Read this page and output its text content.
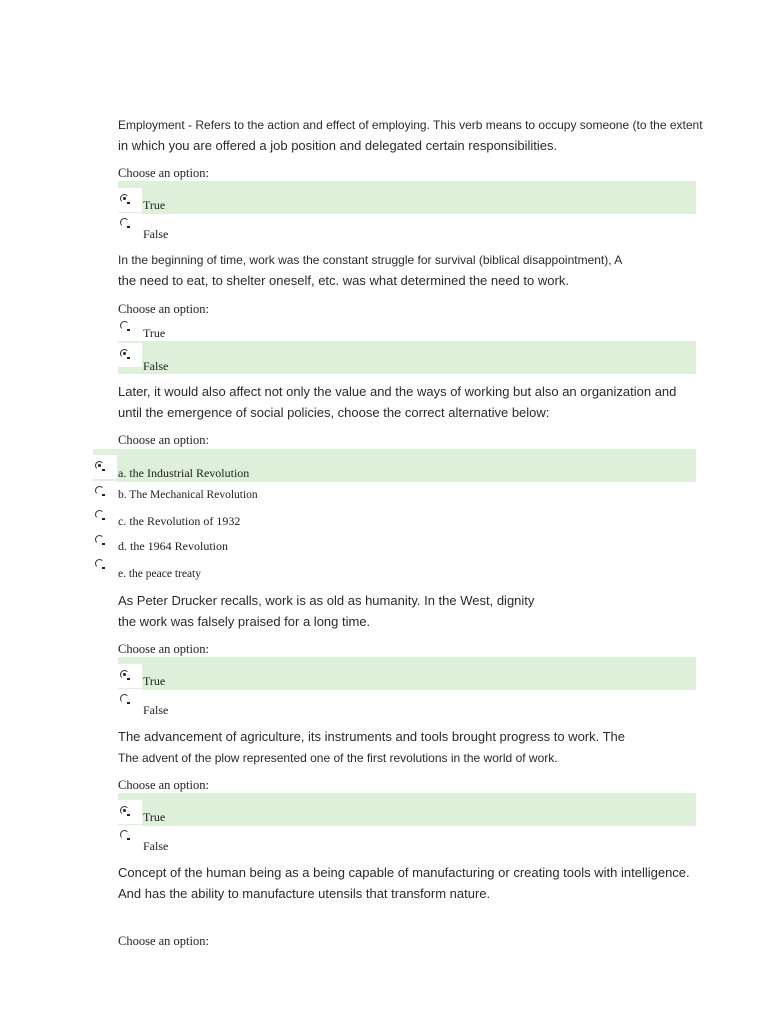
Employment - Refers to the action and effect of employing. This verb means to occupy someone (to the extent
in which you are offered a job position and delegated certain responsibilities.
Choose an option:
True
False
In the beginning of time, work was the constant struggle for survival (biblical disappointment), A
the need to eat, to shelter oneself, etc. was what determined the need to work.
Choose an option:
True
False
Later, it would also affect not only the value and the ways of working but also an organization and
until the emergence of social policies, choose the correct alternative below:
Choose an option:
a. the Industrial Revolution
b. The Mechanical Revolution
c. the Revolution of 1932
d. the 1964 Revolution
e. the peace treaty
As Peter Drucker recalls, work is as old as humanity. In the West, dignity
the work was falsely praised for a long time.
Choose an option:
True
False
The advancement of agriculture, its instruments and tools brought progress to work. The
The advent of the plow represented one of the first revolutions in the world of work.
Choose an option:
True
False
Concept of the human being as a being capable of manufacturing or creating tools with intelligence.
And has the ability to manufacture utensils that transform nature.
Choose an option:
